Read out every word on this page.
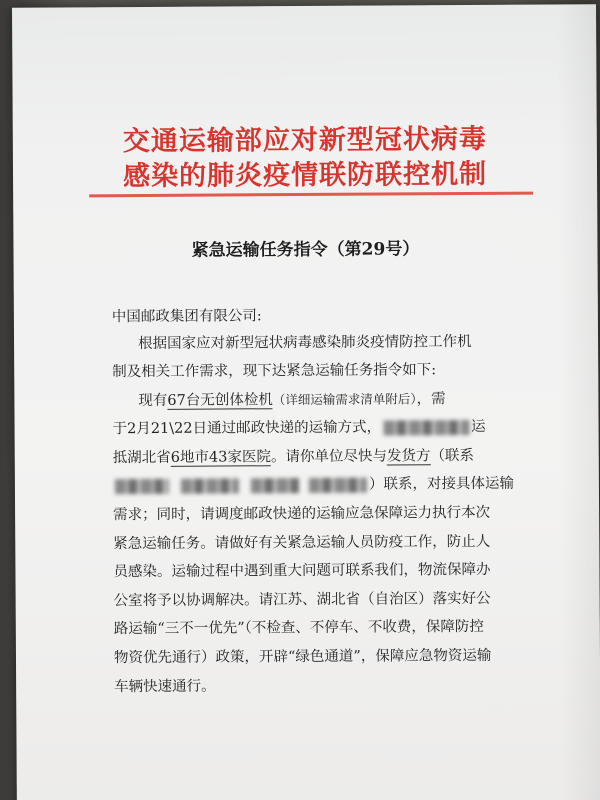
交通运输部应对新型冠状病毒
感染的肺炎疫情联防联控机制
紧急运输任务指令（第29号）
中国邮政集团有限公司:
根据国家应对新型冠状病毒感染肺炎疫情防控工作机
制及相关工作需求，现下达紧急运输任务指令如下:
现有67台无创体检机（详细运输需求清单附后），需
于2月21\22日通过邮政快递的运输方式，	运
抵湖北省6地市43家医院。请你单位尽快与发货方（联系
）联系，对接具体运输
需求；同时，请调度邮政快递的运输应急保障运力执行本次
紧急运输任务。请做好有关紧急运输人员防疫工作，防止人
员感染。运输过程中遇到重大问题可联系我们，物流保障办
公室将予以协调解决。请江苏、湖北省（自治区）落实好公
路运输“三不一优先”（不检查、不停车、不收费，保障防控
物资优先通行）政策，开辟“绿色通道”，保障应急物资运输
车辆快速通行。
